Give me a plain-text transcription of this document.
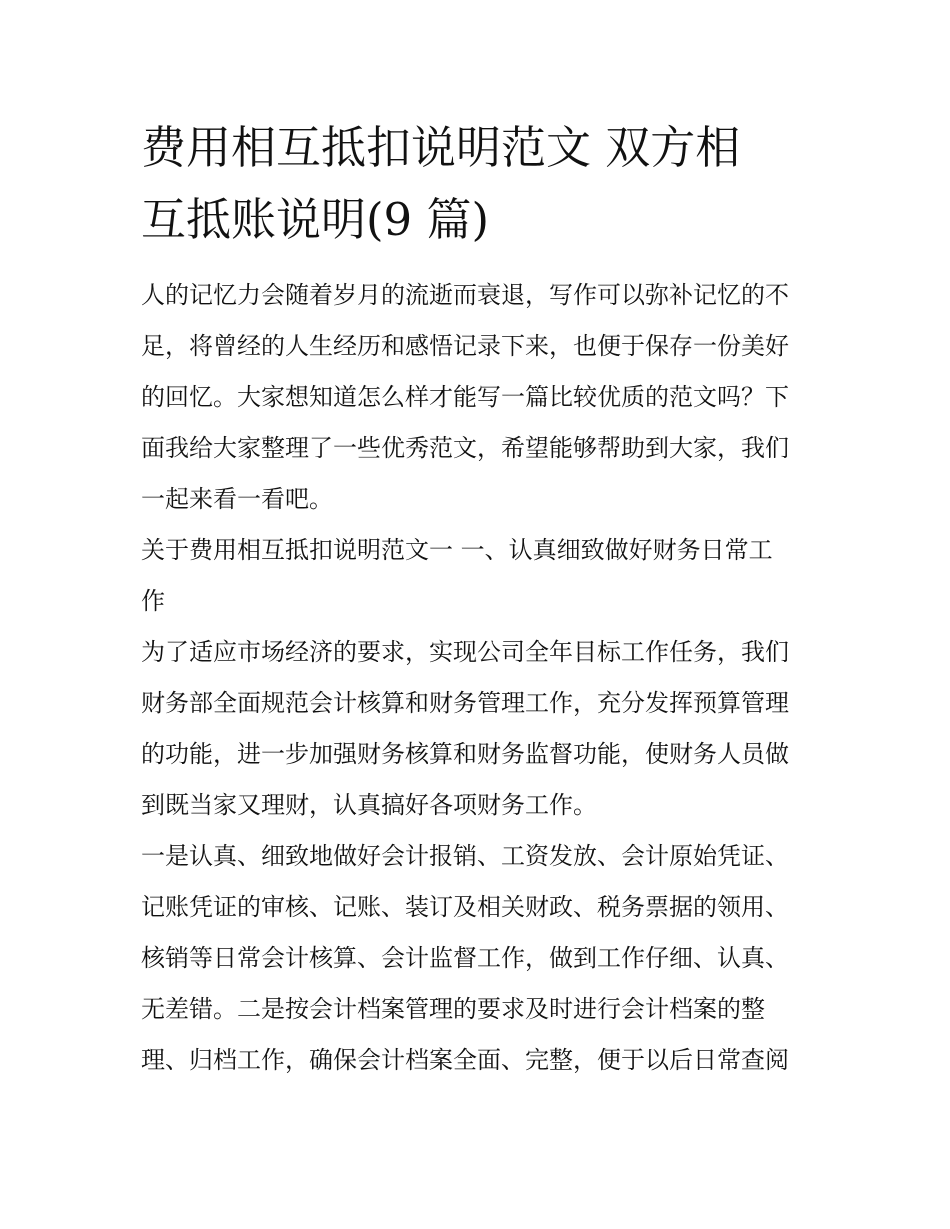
费用相互抵扣说明范文 双方相
互抵账说明(9 篇)

人的记忆力会随着岁月的流逝而衰退，写作可以弥补记忆的不
足，将曾经的人生经历和感悟记录下来，也便于保存一份美好
的回忆。大家想知道怎么样才能写一篇比较优质的范文吗？下
面我给大家整理了一些优秀范文，希望能够帮助到大家，我们
一起来看一看吧。

关于费用相互抵扣说明范文一 一、认真细致做好财务日常工
作

为了适应市场经济的要求，实现公司全年目标工作任务，我们
财务部全面规范会计核算和财务管理工作，充分发挥预算管理
的功能，进一步加强财务核算和财务监督功能，使财务人员做
到既当家又理财，认真搞好各项财务工作。

一是认真、细致地做好会计报销、工资发放、会计原始凭证、
记账凭证的审核、记账、装订及相关财政、税务票据的领用、
核销等日常会计核算、会计监督工作，做到工作仔细、认真、
无差错。二是按会计档案管理的要求及时进行会计档案的整
理、归档工作，确保会计档案全面、完整，便于以后日常查阅
